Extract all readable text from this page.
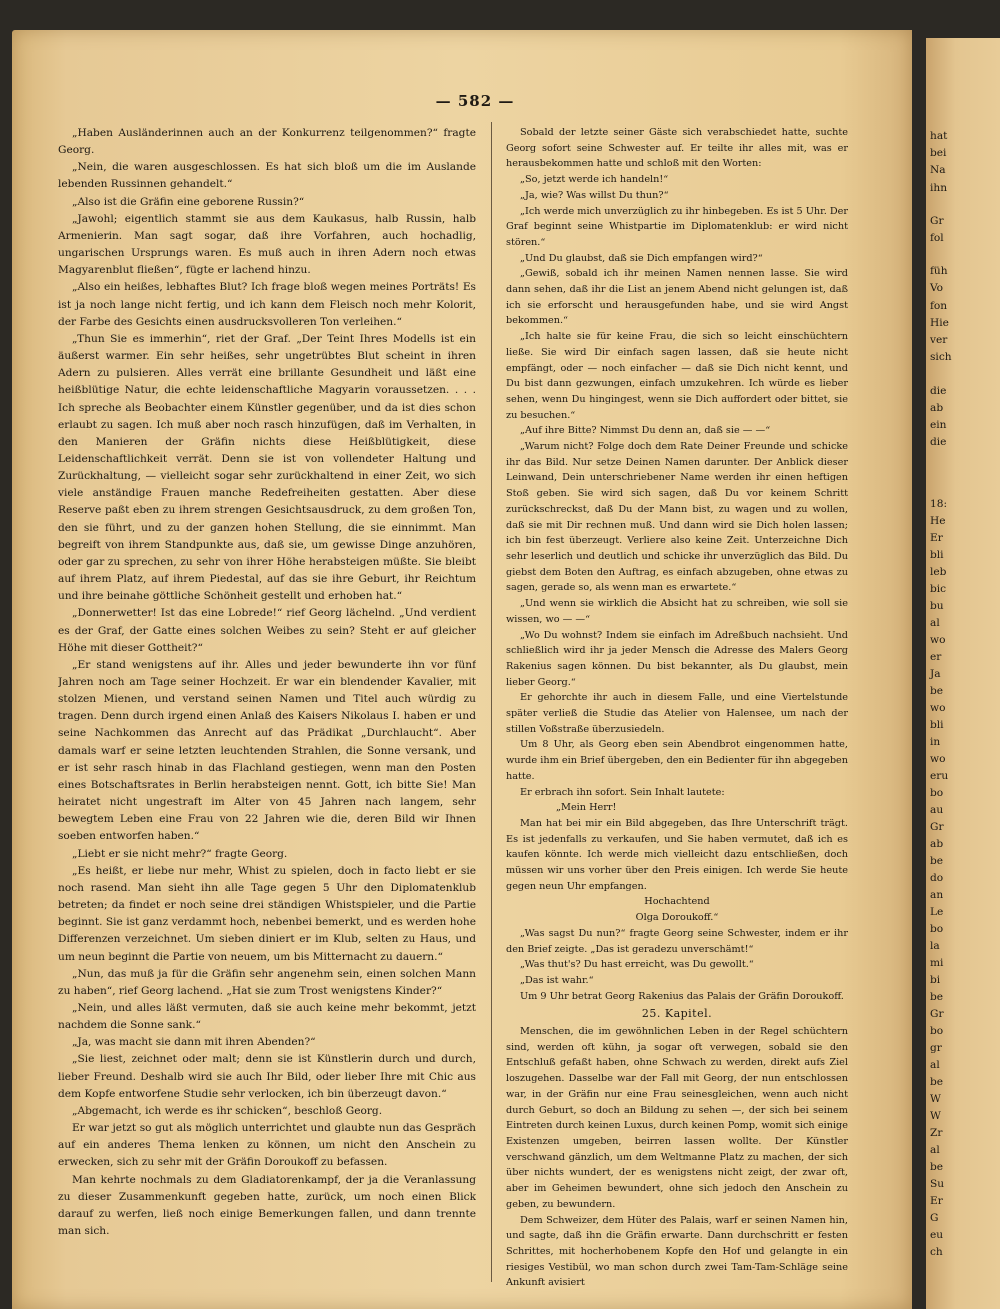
hat
bei
Na
ihn
Gr
fol
füh
Vo
fon
Hie
ver
sich
die
ab
ein
die
18:
He
Er
bli
leb
bic
bu
al
wo
er
Ja
be
wo
bli
in
wo
eru
bo
au
Gr
ab
be
do
an
Le
bo
la
mi
bi
be
Gr
bo
gr
al
be
W
W
Zr
al
be
Su
Er
G
eu
ch
— 582 —

„Haben Ausländerinnen auch an der Konkurrenz teilgenommen?“ fragte Georg.

„Nein, die waren ausgeschlossen. Es hat sich bloß um die im Auslande lebenden Russinnen gehandelt.“

„Also ist die Gräfin eine geborene Russin?“

„Jawohl; eigentlich stammt sie aus dem Kaukasus, halb Russin, halb Armenierin. Man sagt sogar, daß ihre Vorfahren, auch hochadlig, ungarischen Ursprungs waren. Es muß auch in ihren Adern noch etwas Magyarenblut fließen“, fügte er lachend hinzu.

„Also ein heißes, lebhaftes Blut? Ich frage bloß wegen meines Porträts! Es ist ja noch lange nicht fertig, und ich kann dem Fleisch noch mehr Kolorit, der Farbe des Gesichts einen ausdrucksvolleren Ton verleihen.“

„Thun Sie es immerhin“, riet der Graf. „Der Teint Ihres Modells ist ein äußerst warmer. Ein sehr heißes, sehr ungetrübtes Blut scheint in ihren Adern zu pulsieren. Alles verrät eine brillante Gesundheit und läßt eine heißblütige Natur, die echte leidenschaftliche Magyarin voraussetzen. . . . Ich spreche als Beobachter einem Künstler gegenüber, und da ist dies schon erlaubt zu sagen. Ich muß aber noch rasch hinzufügen, daß im Verhalten, in den Manieren der Gräfin nichts diese Heißblütigkeit, diese Leidenschaftlichkeit verrät. Denn sie ist von vollendeter Haltung und Zurückhaltung, — vielleicht sogar sehr zurückhaltend in einer Zeit, wo sich viele anständige Frauen manche Redefreiheiten gestatten. Aber diese Reserve paßt eben zu ihrem strengen Gesichtsausdruck, zu dem großen Ton, den sie führt, und zu der ganzen hohen Stellung, die sie einnimmt. Man begreift von ihrem Standpunkte aus, daß sie, um gewisse Dinge anzuhören, oder gar zu sprechen, zu sehr von ihrer Höhe herabsteigen müßte. Sie bleibt auf ihrem Platz, auf ihrem Piedestal, auf das sie ihre Geburt, ihr Reichtum und ihre beinahe göttliche Schönheit gestellt und erhoben hat.“

„Donnerwetter! Ist das eine Lobrede!“ rief Georg lächelnd. „Und verdient es der Graf, der Gatte eines solchen Weibes zu sein? Steht er auf gleicher Höhe mit dieser Gottheit?“

„Er stand wenigstens auf ihr. Alles und jeder bewunderte ihn vor fünf Jahren noch am Tage seiner Hochzeit. Er war ein blendender Kavalier, mit stolzen Mienen, und verstand seinen Namen und Titel auch würdig zu tragen. Denn durch irgend einen Anlaß des Kaisers Nikolaus I. haben er und seine Nachkommen das Anrecht auf das Prädikat „Durchlaucht“. Aber damals warf er seine letzten leuchtenden Strahlen, die Sonne versank, und er ist sehr rasch hinab in das Flachland gestiegen, wenn man den Posten eines Botschaftsrates in Berlin herabsteigen nennt. Gott, ich bitte Sie! Man heiratet nicht ungestraft im Alter von 45 Jahren nach langem, sehr bewegtem Leben eine Frau von 22 Jahren wie die, deren Bild wir Ihnen soeben entworfen haben.“

„Liebt er sie nicht mehr?“ fragte Georg.

„Es heißt, er liebe nur mehr, Whist zu spielen, doch in facto liebt er sie noch rasend. Man sieht ihn alle Tage gegen 5 Uhr den Diplomatenklub betreten; da findet er noch seine drei ständigen Whistspieler, und die Partie beginnt. Sie ist ganz verdammt hoch, nebenbei bemerkt, und es werden hohe Differenzen verzeichnet. Um sieben diniert er im Klub, selten zu Haus, und um neun beginnt die Partie von neuem, um bis Mitternacht zu dauern.“

„Nun, das muß ja für die Gräfin sehr angenehm sein, einen solchen Mann zu haben“, rief Georg lachend. „Hat sie zum Trost wenigstens Kinder?“

„Nein, und alles läßt vermuten, daß sie auch keine mehr bekommt, jetzt nachdem die Sonne sank.“

„Ja, was macht sie dann mit ihren Abenden?“

„Sie liest, zeichnet oder malt; denn sie ist Künstlerin durch und durch, lieber Freund. Deshalb wird sie auch Ihr Bild, oder lieber Ihre mit Chic aus dem Kopfe entworfene Studie sehr verlocken, ich bin überzeugt davon.“

„Abgemacht, ich werde es ihr schicken“, beschloß Georg.

Er war jetzt so gut als möglich unterrichtet und glaubte nun das Gespräch auf ein anderes Thema lenken zu können, um nicht den Anschein zu erwecken, sich zu sehr mit der Gräfin Doroukoff zu befassen.

Man kehrte nochmals zu dem Gladiatorenkampf, der ja die Veranlassung zu dieser Zusammenkunft gegeben hatte, zurück, um noch einen Blick darauf zu werfen, ließ noch einige Bemerkungen fallen, und dann trennte man sich.

Sobald der letzte seiner Gäste sich verabschiedet hatte, suchte Georg sofort seine Schwester auf. Er teilte ihr alles mit, was er herausbekommen hatte und schloß mit den Worten:

„So, jetzt werde ich handeln!“

„Ja, wie? Was willst Du thun?“

„Ich werde mich unverzüglich zu ihr hinbegeben. Es ist 5 Uhr. Der Graf beginnt seine Whistpartie im Diplomatenklub: er wird nicht stören.“

„Und Du glaubst, daß sie Dich empfangen wird?“

„Gewiß, sobald ich ihr meinen Namen nennen lasse. Sie wird dann sehen, daß ihr die List an jenem Abend nicht gelungen ist, daß ich sie erforscht und herausgefunden habe, und sie wird Angst bekommen.“

„Ich halte sie für keine Frau, die sich so leicht einschüchtern ließe. Sie wird Dir einfach sagen lassen, daß sie heute nicht empfängt, oder — noch einfacher — daß sie Dich nicht kennt, und Du bist dann gezwungen, einfach umzukehren. Ich würde es lieber sehen, wenn Du hingingest, wenn sie Dich auffordert oder bittet, sie zu besuchen.“

„Auf ihre Bitte? Nimmst Du denn an, daß sie — —“

„Warum nicht? Folge doch dem Rate Deiner Freunde und schicke ihr das Bild. Nur setze Deinen Namen darunter. Der Anblick dieser Leinwand, Dein unterschriebener Name werden ihr einen heftigen Stoß geben. Sie wird sich sagen, daß Du vor keinem Schritt zurückschreckst, daß Du der Mann bist, zu wagen und zu wollen, daß sie mit Dir rechnen muß. Und dann wird sie Dich holen lassen; ich bin fest überzeugt. Verliere also keine Zeit. Unterzeichne Dich sehr leserlich und deutlich und schicke ihr unverzüglich das Bild. Du giebst dem Boten den Auftrag, es einfach abzugeben, ohne etwas zu sagen, gerade so, als wenn man es erwartete.“

„Und wenn sie wirklich die Absicht hat zu schreiben, wie soll sie wissen, wo — —“

„Wo Du wohnst? Indem sie einfach im Adreßbuch nachsieht. Und schließlich wird ihr ja jeder Mensch die Adresse des Malers Georg Rakenius sagen können. Du bist bekannter, als Du glaubst, mein lieber Georg.“

Er gehorchte ihr auch in diesem Falle, und eine Viertelstunde später verließ die Studie das Atelier von Halensee, um nach der stillen Voßstraße überzusiedeln.

Um 8 Uhr, als Georg eben sein Abendbrot eingenommen hatte, wurde ihm ein Brief übergeben, den ein Bedienter für ihn abgegeben hatte.

Er erbrach ihn sofort. Sein Inhalt lautete:

„Mein Herr!

Man hat bei mir ein Bild abgegeben, das Ihre Unterschrift trägt. Es ist jedenfalls zu verkaufen, und Sie haben vermutet, daß ich es kaufen könnte. Ich werde mich vielleicht dazu entschließen, doch müssen wir uns vorher über den Preis einigen. Ich werde Sie heute gegen neun Uhr empfangen.

Hochachtend

Olga Doroukoff.“

„Was sagst Du nun?“ fragte Georg seine Schwester, indem er ihr den Brief zeigte. „Das ist geradezu unverschämt!“

„Was thut's? Du hast erreicht, was Du gewollt.“

„Das ist wahr.“

Um 9 Uhr betrat Georg Rakenius das Palais der Gräfin Doroukoff.

25. Kapitel.

Menschen, die im gewöhnlichen Leben in der Regel schüchtern sind, werden oft kühn, ja sogar oft verwegen, sobald sie den Entschluß gefaßt haben, ohne Schwach zu werden, direkt aufs Ziel loszugehen. Dasselbe war der Fall mit Georg, der nun entschlossen war, in der Gräfin nur eine Frau seinesgleichen, wenn auch nicht durch Geburt, so doch an Bildung zu sehen —, der sich bei seinem Eintreten durch keinen Luxus, durch keinen Pomp, womit sich einige Existenzen umgeben, beirren lassen wollte. Der Künstler verschwand gänzlich, um dem Weltmanne Platz zu machen, der sich über nichts wundert, der es wenigstens nicht zeigt, der zwar oft, aber im Geheimen bewundert, ohne sich jedoch den Anschein zu geben, zu bewundern.

Dem Schweizer, dem Hüter des Palais, warf er seinen Namen hin, und sagte, daß ihn die Gräfin erwarte. Dann durchschritt er festen Schrittes, mit hocherhobenem Kopfe den Hof und gelangte in ein riesiges Vestibül, wo man schon durch zwei Tam-Tam-Schläge seine Ankunft avisiert
